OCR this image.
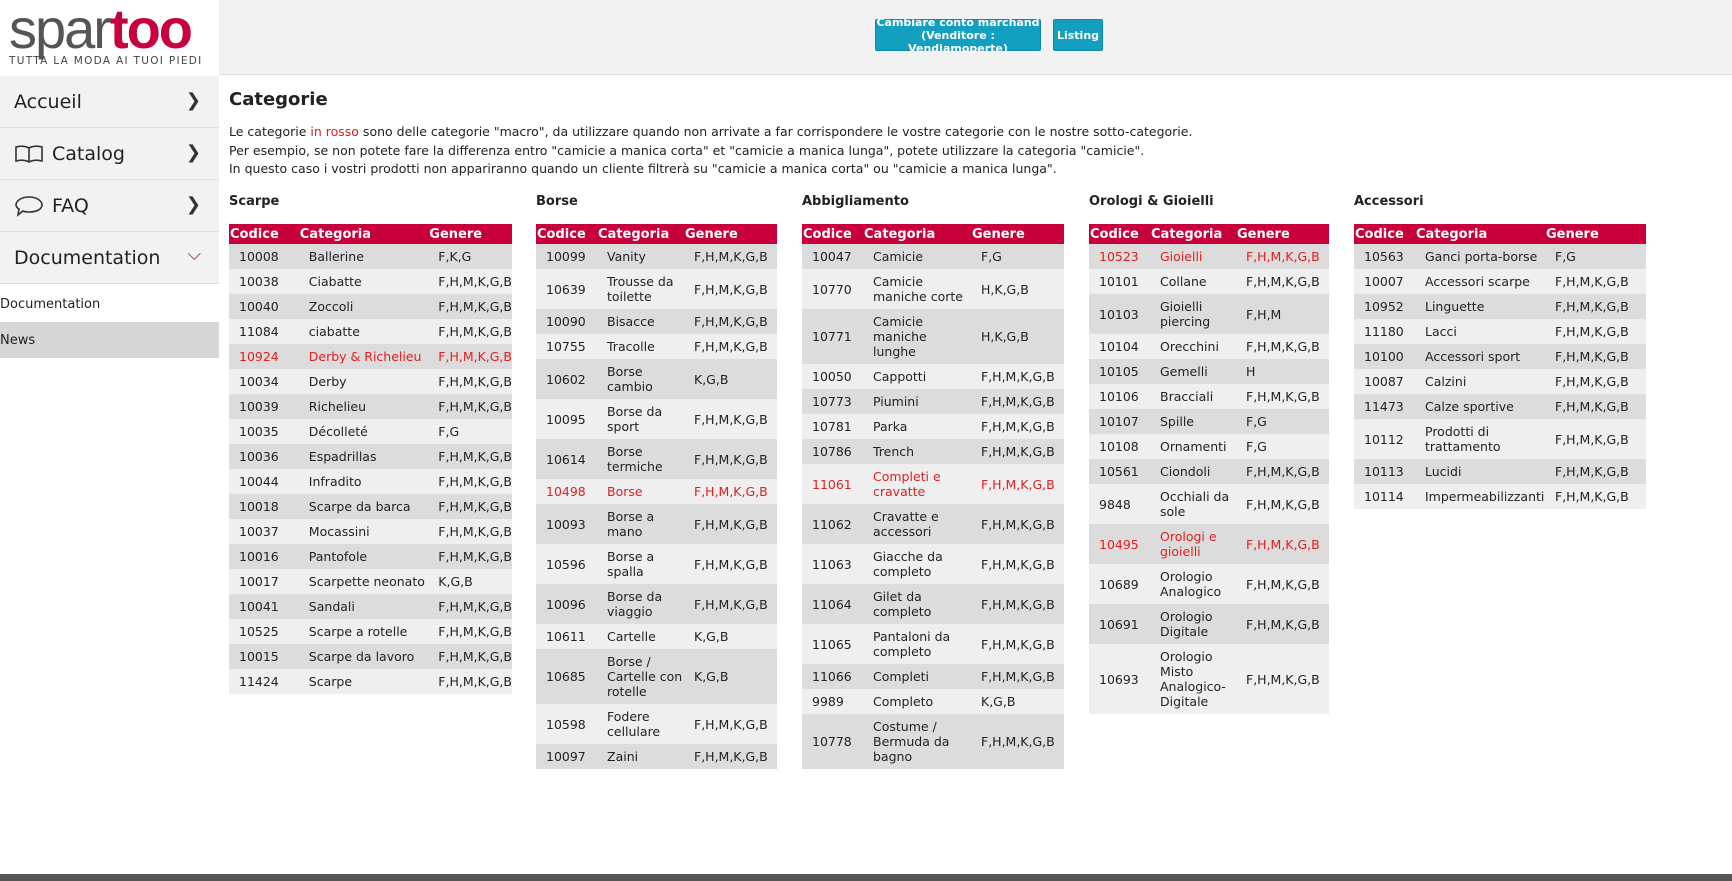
spartoo
TUTTA LA MODA AI TUOI PIEDI
Cambiare conto marchand
(Venditore : Vendiamoperte)
Listing
Accueil	❯
Catalog	❯
FAQ	❯
Documentation ⌵
Documentation
News
Categorie
Le categorie in rosso sono delle categorie "macro", da utilizzare quando non arrivate a far corrispondere le vostre categorie con le nostre sotto-categorie.
Per esempio, se non potete fare la differenza entro "camicie a manica corta" et "camicie a manica lunga", potete utilizzare la categoria "camicie".
In questo caso i vostri prodotti non appariranno quando un cliente filtrerà su "camicie a manica corta" ou "camicie a manica lunga".
Scarpe
Codice	Categoria	Genere
10008	Ballerine	F,K,G
10038	Ciabatte	F,H,M,K,G,B
10040	Zoccoli	F,H,M,K,G,B
11084	ciabatte	F,H,M,K,G,B
10924	Derby & Richelieu	F,H,M,K,G,B
10034	Derby	F,H,M,K,G,B
10039	Richelieu	F,H,M,K,G,B
10035	Décolleté	F,G
10036	Espadrillas	F,H,M,K,G,B
10044	Infradito	F,H,M,K,G,B
10018	Scarpe da barca	F,H,M,K,G,B
10037	Mocassini	F,H,M,K,G,B
10016	Pantofole	F,H,M,K,G,B
10017	Scarpette neonato	K,G,B
10041	Sandali	F,H,M,K,G,B
10525	Scarpe a rotelle	F,H,M,K,G,B
10015	Scarpe da lavoro	F,H,M,K,G,B
11424	Scarpe	F,H,M,K,G,B
Borse
Codice	Categoria	Genere
10099	Vanity	F,H,M,K,G,B
10639	Trousse da toilette	F,H,M,K,G,B
10090	Bisacce	F,H,M,K,G,B
10755	Tracolle	F,H,M,K,G,B
10602	Borse cambio	K,G,B
10095	Borse da sport	F,H,M,K,G,B
10614	Borse termiche	F,H,M,K,G,B
10498	Borse	F,H,M,K,G,B
10093	Borse a mano	F,H,M,K,G,B
10596	Borse a spalla	F,H,M,K,G,B
10096	Borse da viaggio	F,H,M,K,G,B
10611	Cartelle	K,G,B
10685	Borse / Cartelle con rotelle	K,G,B
10598	Fodere cellulare	F,H,M,K,G,B
10097	Zaini	F,H,M,K,G,B
Abbigliamento
Codice	Categoria	Genere
10047	Camicie	F,G
10770	Camicie maniche corte	H,K,G,B
10771	Camicie maniche lunghe	H,K,G,B
10050	Cappotti	F,H,M,K,G,B
10773	Piumini	F,H,M,K,G,B
10781	Parka	F,H,M,K,G,B
10786	Trench	F,H,M,K,G,B
11061	Completi e cravatte	F,H,M,K,G,B
11062	Cravatte e accessori	F,H,M,K,G,B
11063	Giacche da completo	F,H,M,K,G,B
11064	Gilet da completo	F,H,M,K,G,B
11065	Pantaloni da completo	F,H,M,K,G,B
11066	Completi	F,H,M,K,G,B
9989	Completo	K,G,B
10778	Costume / Bermuda da bagno	F,H,M,K,G,B
Orologi & Gioielli
Codice	Categoria	Genere
10523	Gioielli	F,H,M,K,G,B
10101	Collane	F,H,M,K,G,B
10103	Gioielli piercing	F,H,M
10104	Orecchini	F,H,M,K,G,B
10105	Gemelli	H
10106	Bracciali	F,H,M,K,G,B
10107	Spille	F,G
10108	Ornamenti	F,G
10561	Ciondoli	F,H,M,K,G,B
9848	Occhiali da sole	F,H,M,K,G,B
10495	Orologi e gioielli	F,H,M,K,G,B
10689	Orologio Analogico	F,H,M,K,G,B
10691	Orologio Digitale	F,H,M,K,G,B
10693	Orologio Misto Analogico-Digitale	F,H,M,K,G,B
Accessori
Codice	Categoria	Genere
10563	Ganci porta-borse	F,G
10007	Accessori scarpe	F,H,M,K,G,B
10952	Linguette	F,H,M,K,G,B
11180	Lacci	F,H,M,K,G,B
10100	Accessori sport	F,H,M,K,G,B
10087	Calzini	F,H,M,K,G,B
11473	Calze sportive	F,H,M,K,G,B
10112	Prodotti di trattamento	F,H,M,K,G,B
10113	Lucidi	F,H,M,K,G,B
10114	Impermeabilizzanti	F,H,M,K,G,B
